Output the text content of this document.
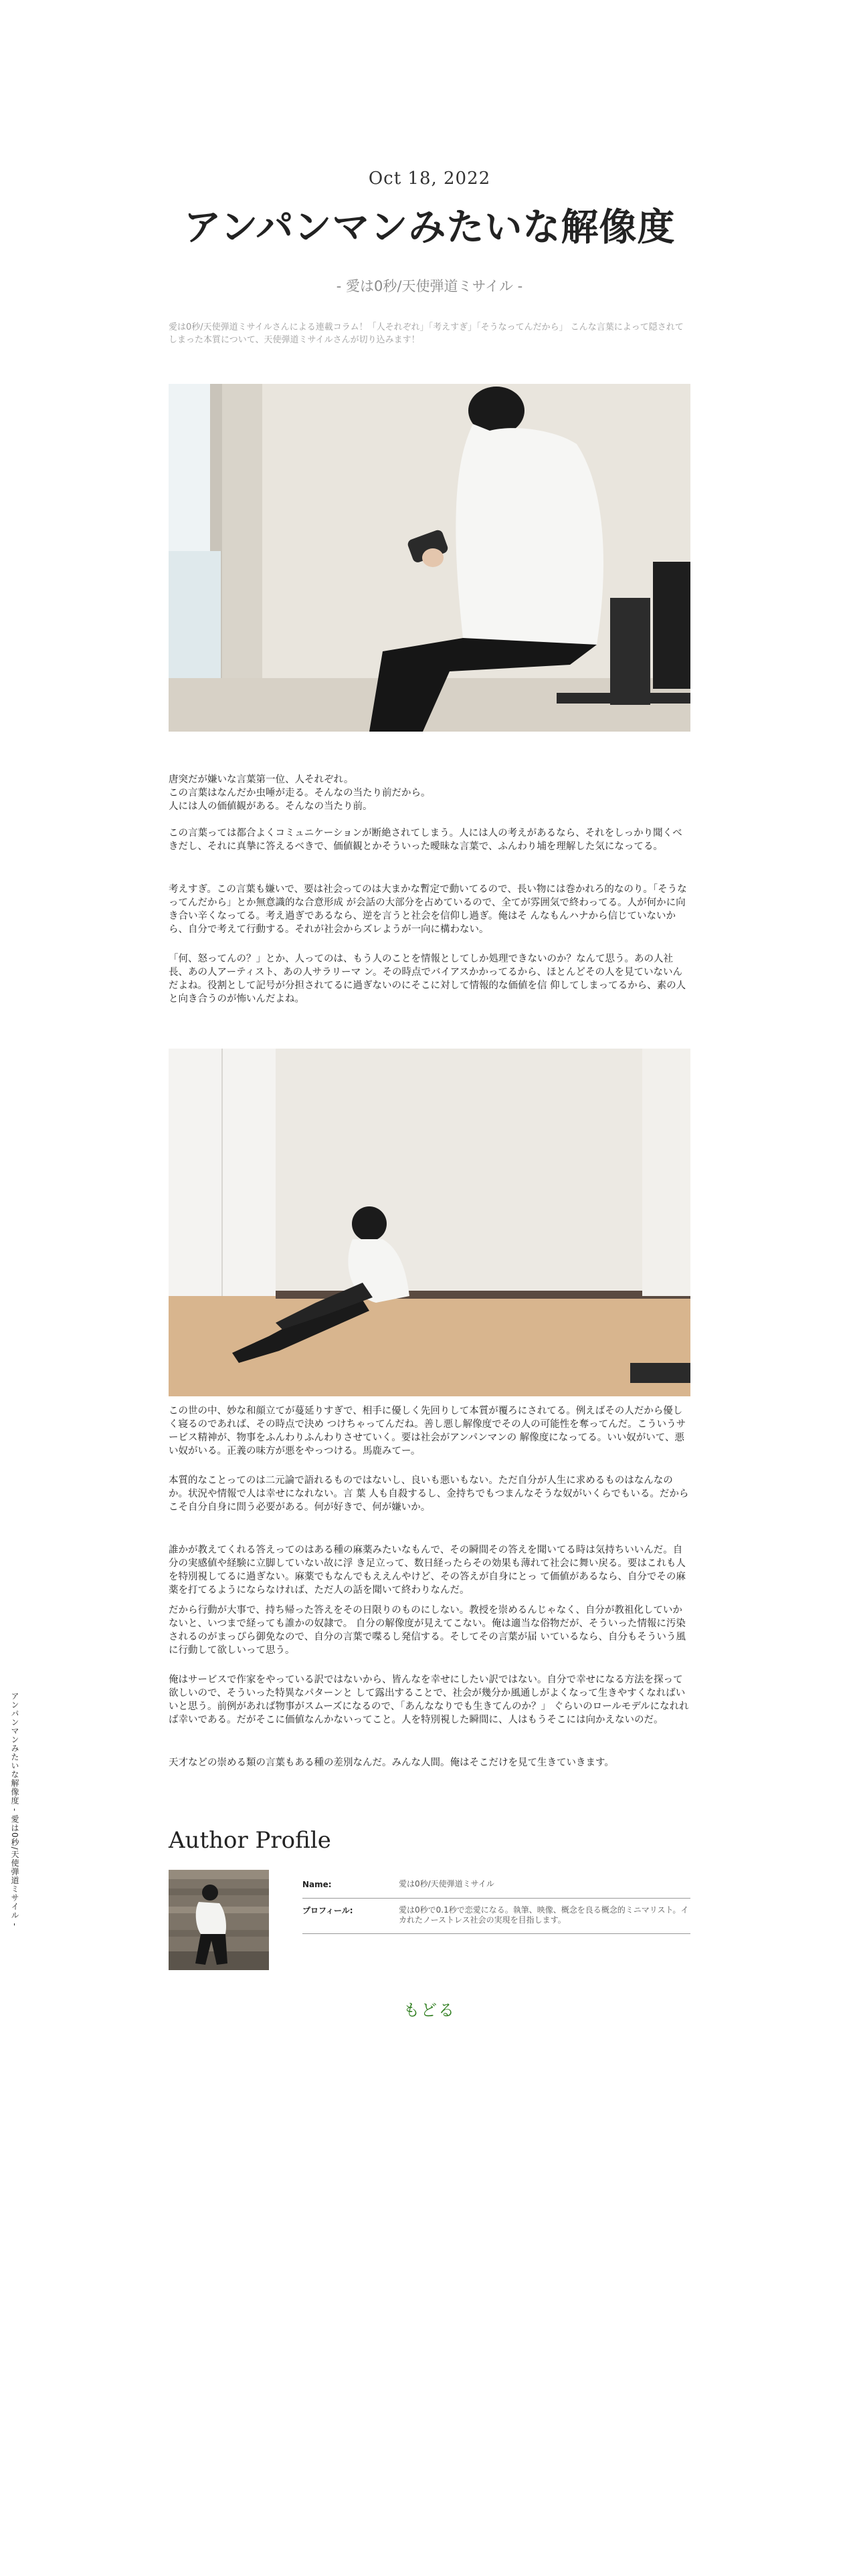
アンパンマンみたいな解像度 - 愛は0秒/天使弾道ミサイル -
Oct 18, 2022
アンパンマンみたいな解像度
- 愛は0秒/天使弾道ミサイル -

愛は0秒/天使弾道ミサイルさんによる連載コラム！「人それぞれ」「考えすぎ」「そうなってんだから」 こんな言葉によって隠されてしまった本質について、天使弾道ミサイルさんが切り込みます！

唐突だが嫌いな言葉第一位、人それぞれ。
この言葉はなんだか虫唾が走る。そんなの当たり前だから。
人には人の価値観がある。そんなの当たり前。

この言葉っては都合よくコミュニケーションが断絶されてしまう。人には人の考えがあるなら、それをしっかり聞くべきだし、それに真摯に答えるべきで、価値観とかそういった曖昧な言葉で、ふんわり埔を理解した気になってる。

考えすぎ。この言葉も嫌いで、要は社会ってのは大まかな暫定で動いてるので、長い物には巻かれろ的なのり。「そうなってんだから」とか無意識的な合意形成 が会話の大部分を占めているので、全てが雰囲気で終わってる。人が何かに向き合い辛くなってる。考え過ぎであるなら、逆を言うと社会を信仰し過ぎ。俺はそ んなもんハナから信じていないから、自分で考えて行動する。それが社会からズレようが一向に構わない。

「何、怒ってんの？」とか、人ってのは、もう人のことを情報としてしか処理できないのか？なんて思う。あの人社長、あの人アーティスト、あの人サラリーマ ン。その時点でバイアスかかってるから、ほとんどその人を見ていないんだよね。役割として記号が分担されてるに過ぎないのにそこに対して情報的な価値を信 仰してしまってるから、素の人と向き合うのが怖いんだよね。

この世の中、妙な和顔立てが蔓延りすぎで、相手に優しく先回りして本質が覆ろにされてる。例えばその人だから優しく寝るのであれば、その時点で決め つけちゃってんだね。善し悪し解像度でその人の可能性を奪ってんだ。こういうサービス精神が、物事をふんわりふんわりさせていく。要は社会がアンパンマンの 解像度になってる。いい奴がいて、悪い奴がいる。正義の味方が悪をやっつける。馬鹿みてー。

本質的なことってのは二元論で語れるものではないし、良いも悪いもない。ただ自分が人生に求めるものはなんなのか。状況や情報で人は幸せになれない。言 葉 人も自殺するし、金持ちでもつまんなそうな奴がいくらでもいる。だからこそ自分自身に問う必要がある。何が好きで、何が嫌いか。

誰かが教えてくれる答えってのはある種の麻薬みたいなもんで、その瞬間その答えを聞いてる時は気持ちいいんだ。自分の実感値や経験に立脚していない故に浮 き足立って、数日経ったらその効果も薄れて社会に舞い戻る。要はこれも人を特別視してるに過ぎない。麻薬でもなんでもええんやけど、その答えが自身にとっ て価値があるなら、自分でその麻薬を打てるようにならなければ、ただ人の話を聞いて終わりなんだ。

だから行動が大事で、持ち帰った答えをその日限りのものにしない。教授を崇めるんじゃなく、自分が教祖化していかないと、いつまで経っても誰かの奴隷で。 自分の解像度が見えてこない。俺は適当な俗物だが、そういった情報に汚染されるのがまっぴら御免なので、自分の言葉で喋るし発信する。そしてその言葉が届 いているなら、自分もそういう風に行動して欲しいって思う。

俺はサービスで作家をやっている訳ではないから、皆んなを幸せにしたい訳ではない。自分で幸せになる方法を探って欲しいので、そういった特異なパターンと して露出することで、社会が幾分か風通しがよくなって生きやすくなればいいと思う。前例があれば物事がスムーズになるので、「あんななりでも生きてんのか？」 ぐらいのロールモデルになれれば幸いである。だがそこに価値なんかないってこと。人を特別視した瞬間に、人はもうそこには向かえないのだ。

天才などの崇める類の言葉もある種の差別なんだ。みんな人間。俺はそこだけを見て生きていきます。

Author Profile
Name:	愛は0秒/天使弾道ミサイル
プロフィール:	愛は0秒で0.1秒で恋愛になる。執筆、映像、概念を良る概念的ミニマリスト。イカれたノーストレス社会の実現を目指します。
もどる
